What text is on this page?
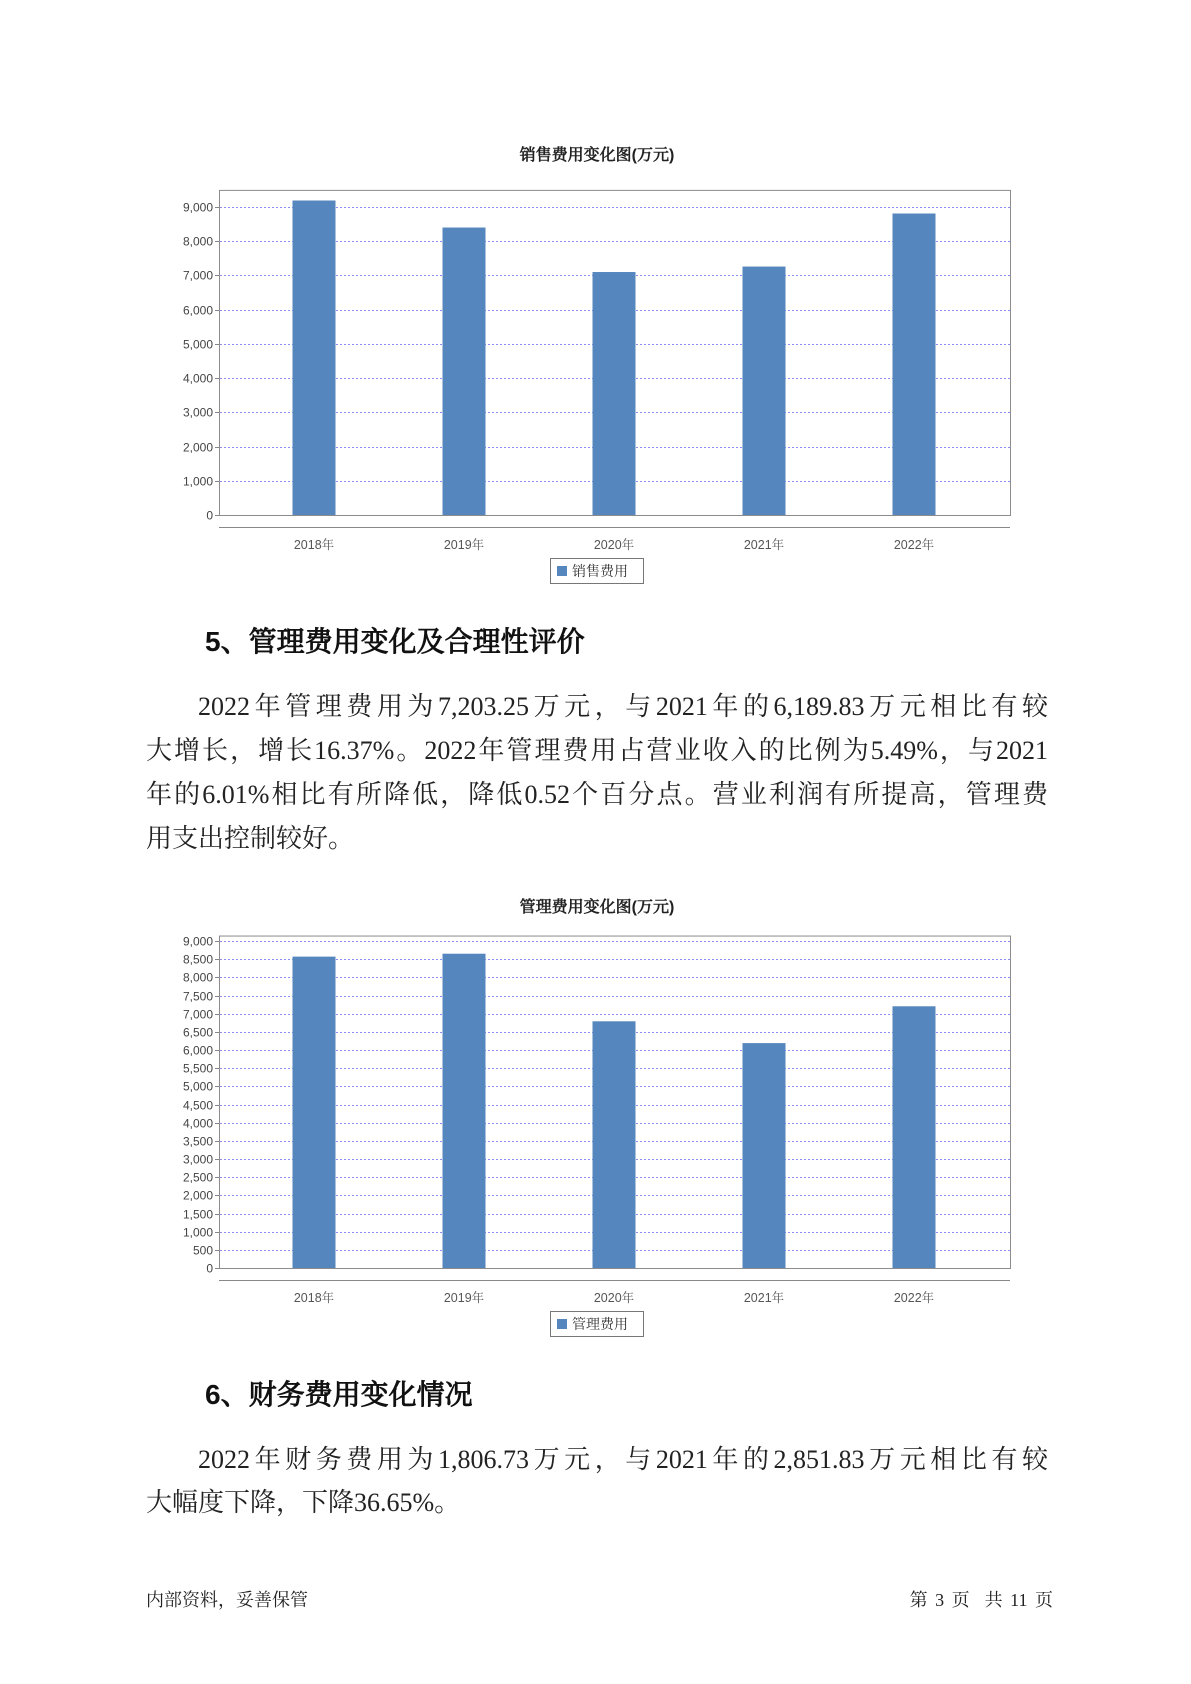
销售费用变化图(万元)
0
1,000
2,000
3,000
4,000
5,000
6,000
7,000
8,000
9,000
2018年	2019年	2020年	2021年	2022年
销售费用
5、管理费用变化及合理性评价
2022年管理费用为7,203.25万元，与2021年的6,189.83万元相比有较
大增长，增长16.37%。2022年管理费用占营业收入的比例为5.49%，与2021
年的6.01%相比有所降低，降低0.52个百分点。营业利润有所提高，管理费
用支出控制较好。
管理费用变化图(万元)
0
500
1,000
1,500
2,000
2,500
3,000
3,500
4,000
4,500
5,000
5,500
6,000
6,500
7,000
7,500
8,000
8,500
9,000
2018年	2019年	2020年	2021年	2022年
管理费用
6、财务费用变化情况
2022年财务费用为1,806.73万元，与2021年的2,851.83万元相比有较
大幅度下降，下降36.65%。
内部资料，妥善保管	第 3 页  共 11 页
